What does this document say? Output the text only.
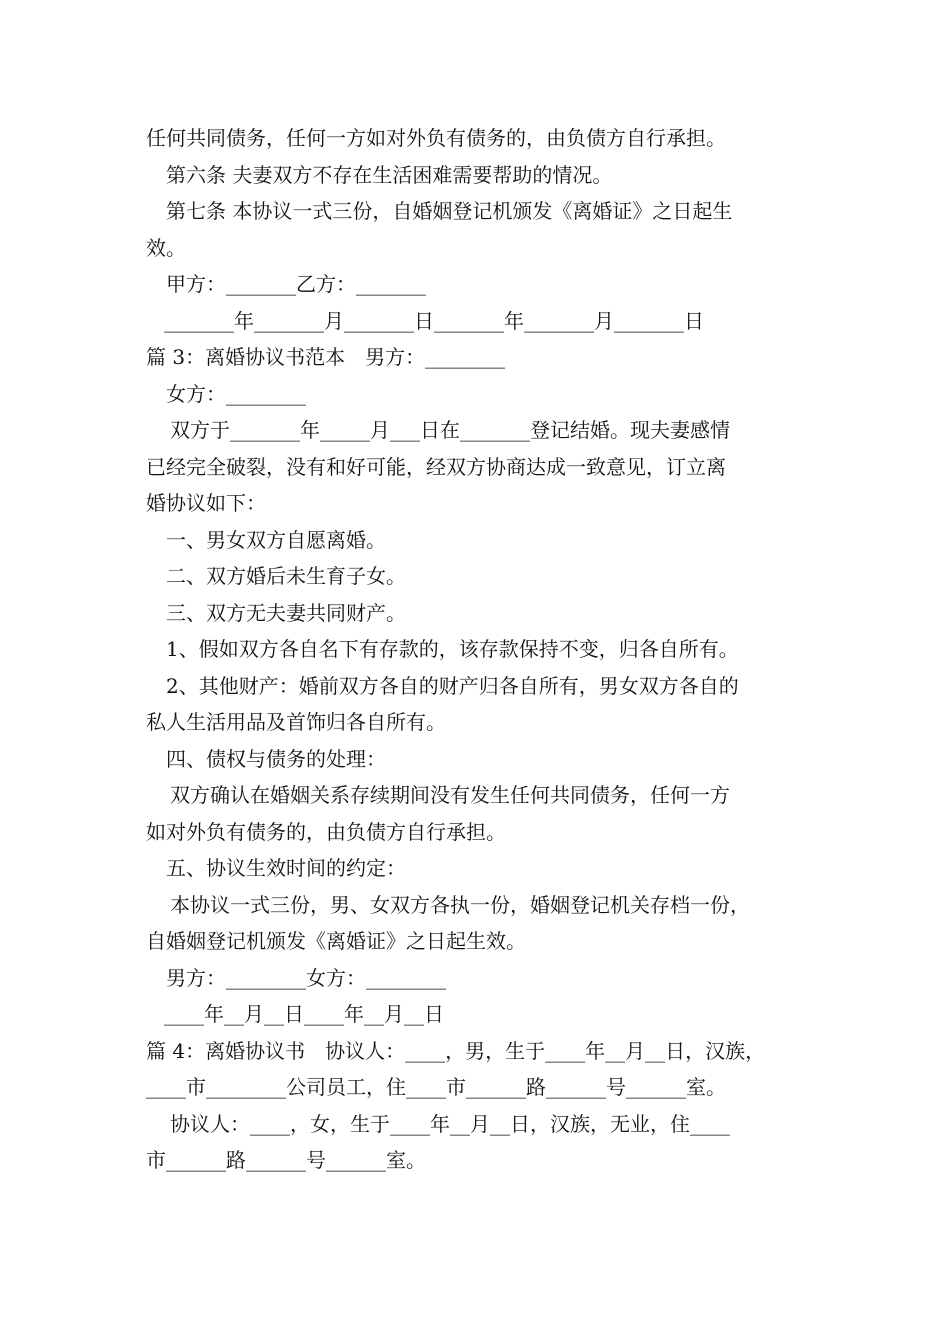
任何共同债务，任何一方如对外负有债务的，由负债方自行承担。
第六条 夫妻双方不存在生活困难需要帮助的情况。
第七条 本协议一式三份，自婚姻登记机颁发《离婚证》之日起生
效。
甲方：_______乙方：_______
_______年_______月_______日_______年_______月_______日
篇 3：离婚协议书范本　男方：________
女方：________
双方于_______年_____月___日在_______登记结婚。现夫妻感情
已经完全破裂，没有和好可能，经双方协商达成一致意见，订立离
婚协议如下：
一、男女双方自愿离婚。
二、双方婚后未生育子女。
三、双方无夫妻共同财产。
1、假如双方各自名下有存款的，该存款保持不变，归各自所有。
2、其他财产：婚前双方各自的财产归各自所有，男女双方各自的
私人生活用品及首饰归各自所有。
四、债权与债务的处理：
双方确认在婚姻关系存续期间没有发生任何共同债务，任何一方
如对外负有债务的，由负债方自行承担。
五、协议生效时间的约定：
本协议一式三份，男、女双方各执一份，婚姻登记机关存档一份，
自婚姻登记机颁发《离婚证》之日起生效。
男方：________女方：________
____年__月__日____年__月__日
篇 4：离婚协议书　协议人：____，男，生于____年__月__日，汉族，
____市________公司员工，住____市______路______号______室。
协议人：____，女，生于____年__月__日，汉族，无业，住____
市______路______号______室。
